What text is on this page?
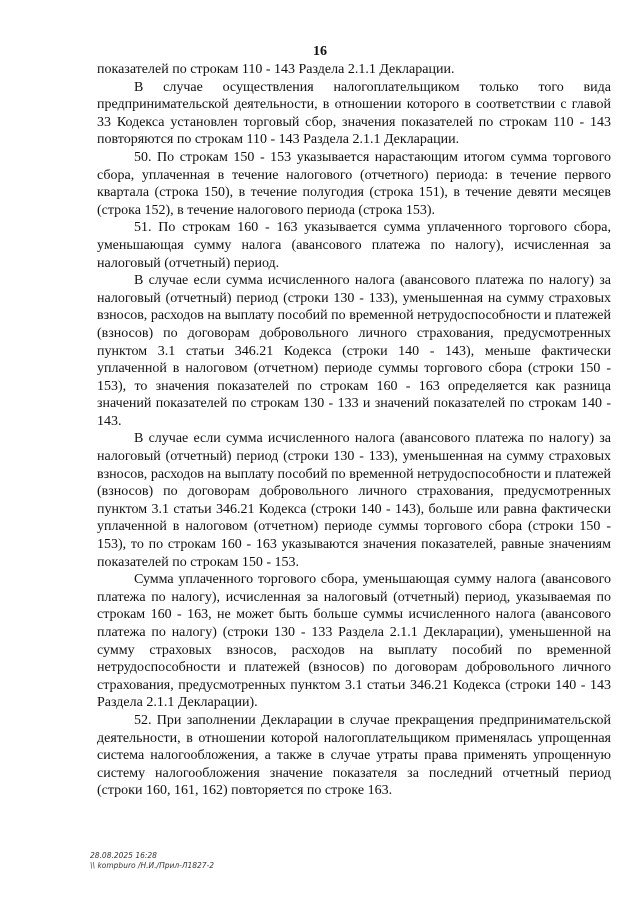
16

показателей по строкам 110 - 143 Раздела 2.1.1 Декларации.

В случае осуществления налогоплательщиком только того вида предпринимательской деятельности, в отношении которого в соответствии с главой 33 Кодекса установлен торговый сбор, значения показателей по строкам 110 - 143 повторяются по строкам 110 - 143 Раздела 2.1.1 Декларации.

50. По строкам 150 - 153 указывается нарастающим итогом сумма торгового сбора, уплаченная в течение налогового (отчетного) периода: в течение первого квартала (строка 150), в течение полугодия (строка 151), в течение девяти месяцев (строка 152), в течение налогового периода (строка 153).

51. По строкам 160 - 163 указывается сумма уплаченного торгового сбора, уменьшающая сумму налога (авансового платежа по налогу), исчисленная за налоговый (отчетный) период.

В случае если сумма исчисленного налога (авансового платежа по налогу) за налоговый (отчетный) период (строки 130 - 133), уменьшенная на сумму страховых взносов, расходов на выплату пособий по временной нетрудоспособности и платежей (взносов) по договорам добровольного личного страхования, предусмотренных пунктом 3.1 статьи 346.21 Кодекса (строки 140 - 143), меньше фактически уплаченной в налоговом (отчетном) периоде суммы торгового сбора (строки 150 - 153), то значения показателей по строкам 160 - 163 определяется как разница значений показателей по строкам 130 - 133 и значений показателей по строкам 140 - 143.

В случае если сумма исчисленного налога (авансового платежа по налогу) за налоговый (отчетный) период (строки 130 - 133), уменьшенная на сумму страховых взносов, расходов на выплату пособий по временной нетрудоспособности и платежей (взносов) по договорам добровольного личного страхования, предусмотренных пунктом 3.1 статьи 346.21 Кодекса (строки 140 - 143), больше или равна фактически уплаченной в налоговом (отчетном) периоде суммы торгового сбора (строки 150 - 153), то по строкам 160 - 163 указываются значения показателей, равные значениям показателей по строкам 150 - 153.

Сумма уплаченного торгового сбора, уменьшающая сумму налога (авансового платежа по налогу), исчисленная за налоговый (отчетный) период, указываемая по строкам 160 - 163, не может быть больше суммы исчисленного налога (авансового платежа по налогу) (строки 130 - 133 Раздела 2.1.1 Декларации), уменьшенной на сумму страховых взносов, расходов на выплату пособий по временной нетрудоспособности и платежей (взносов) по договорам добровольного личного страхования, предусмотренных пунктом 3.1 статьи 346.21 Кодекса (строки 140 - 143 Раздела 2.1.1 Декларации).

52. При заполнении Декларации в случае прекращения предпринимательской деятельности, в отношении которой налогоплательщиком применялась упрощенная система налогообложения, а также в случае утраты права применять упрощенную систему налогообложения значение показателя за последний отчетный период (строки 160, 161, 162) повторяется по строке 163.

28.08.2025 16:28
\\ kompburo /Н.И./Прил-Л1827-2
